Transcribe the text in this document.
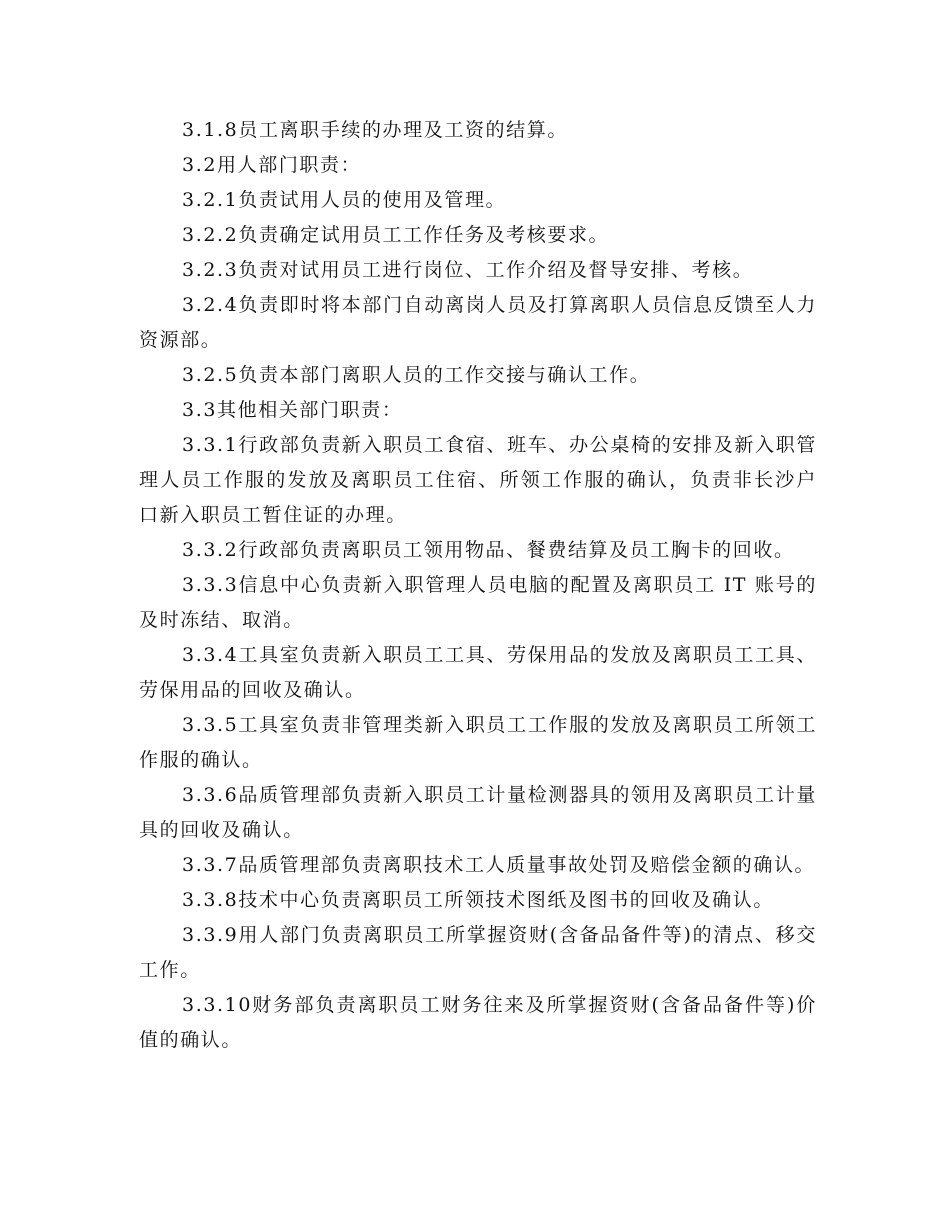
3.1.8员工离职手续的办理及工资的结算。

3.2用人部门职责：

3.2.1负责试用人员的使用及管理。

3.2.2负责确定试用员工工作任务及考核要求。

3.2.3负责对试用员工进行岗位、工作介绍及督导安排、考核。

3.2.4负责即时将本部门自动离岗人员及打算离职人员信息反馈至人力资源部。

3.2.5负责本部门离职人员的工作交接与确认工作。

3.3其他相关部门职责：

3.3.1行政部负责新入职员工食宿、班车、办公桌椅的安排及新入职管理人员工作服的发放及离职员工住宿、所领工作服的确认，负责非长沙户口新入职员工暂住证的办理。

3.3.2行政部负责离职员工领用物品、餐费结算及员工胸卡的回收。

3.3.3信息中心负责新入职管理人员电脑的配置及离职员工 IT 账号的及时冻结、取消。

3.3.4工具室负责新入职员工工具、劳保用品的发放及离职员工工具、劳保用品的回收及确认。

3.3.5工具室负责非管理类新入职员工工作服的发放及离职员工所领工作服的确认。

3.3.6品质管理部负责新入职员工计量检测器具的领用及离职员工计量具的回收及确认。

3.3.7品质管理部负责离职技术工人质量事故处罚及赔偿金额的确认。

3.3.8技术中心负责离职员工所领技术图纸及图书的回收及确认。

3.3.9用人部门负责离职员工所掌握资财(含备品备件等)的清点、移交工作。

3.3.10财务部负责离职员工财务往来及所掌握资财(含备品备件等)价值的确认。
